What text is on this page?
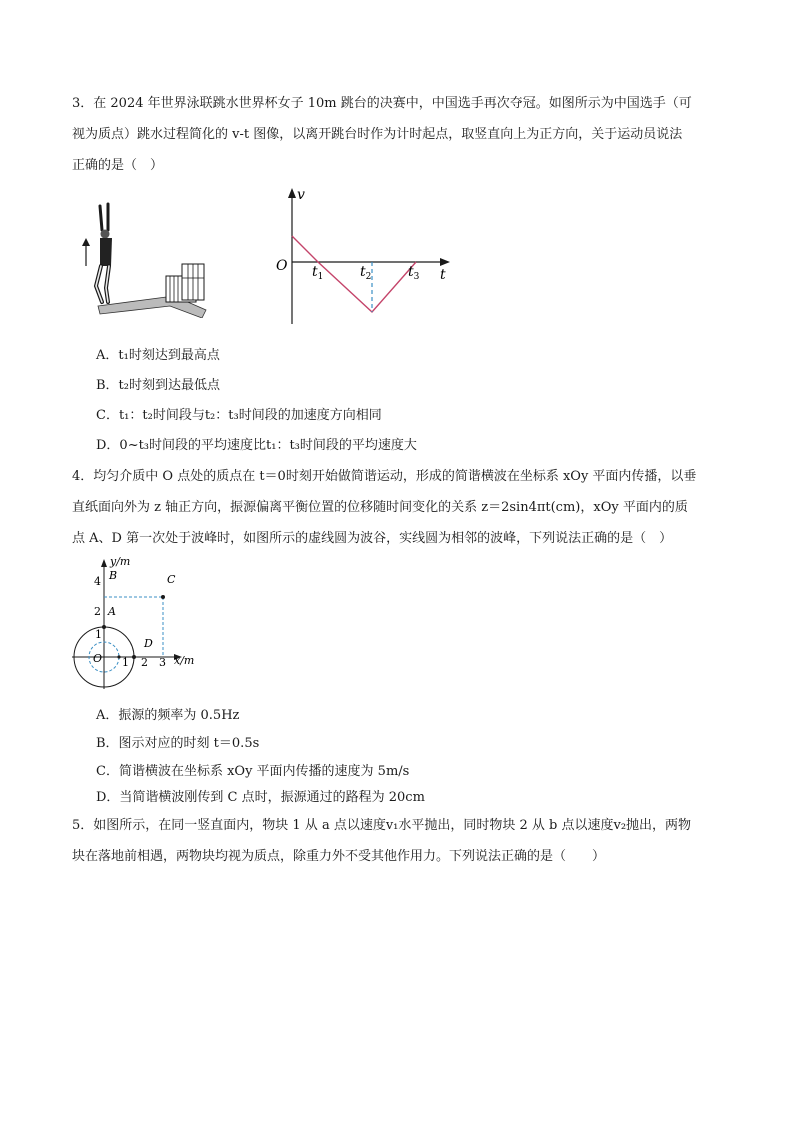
3．在 2024 年世界泳联跳水世界杯女子 10m 跳台的决赛中，中国选手再次夺冠。如图所示为中国选手（可
视为质点）跳水过程简化的 v-t 图像，以离开跳台时作为计时起点，取竖直向上为正方向，关于运动员说法
正确的是（　）
v
t
O $t_1$	$t_2$	$t_3$
A．t₁时刻达到最高点
B．t₂时刻到达最低点
C．t₁：t₂时间段与t₂：t₃时间段的加速度方向相同
D．0~t₃时间段的平均速度比t₁：t₃时间段的平均速度大
4．均匀介质中 O 点处的质点在 t＝0时刻开始做简谐运动，形成的简谐横波在坐标系 xOy 平面内传播，以垂
直纸面向外为 z 轴正方向，振源偏离平衡位置的位移随时间变化的关系 z＝2sin4πt(cm)，xOy 平面内的质
点 A、D 第一次处于波峰时，如图所示的虚线圆为波谷，实线圆为相邻的波峰，下列说法正确的是（　）
y/m
x/m
4 B	C
2 A
1
D
O 1 2 3
A．振源的频率为 0.5Hz
B．图示对应的时刻 t＝0.5s
C．简谐横波在坐标系 xOy 平面内传播的速度为 5m/s
D．当简谐横波刚传到 C 点时，振源通过的路程为 20cm
5．如图所示，在同一竖直面内，物块 1 从 a 点以速度v₁水平抛出，同时物块 2 从 b 点以速度v₂抛出，两物
块在落地前相遇，两物块均视为质点，除重力外不受其他作用力。下列说法正确的是（　　）
